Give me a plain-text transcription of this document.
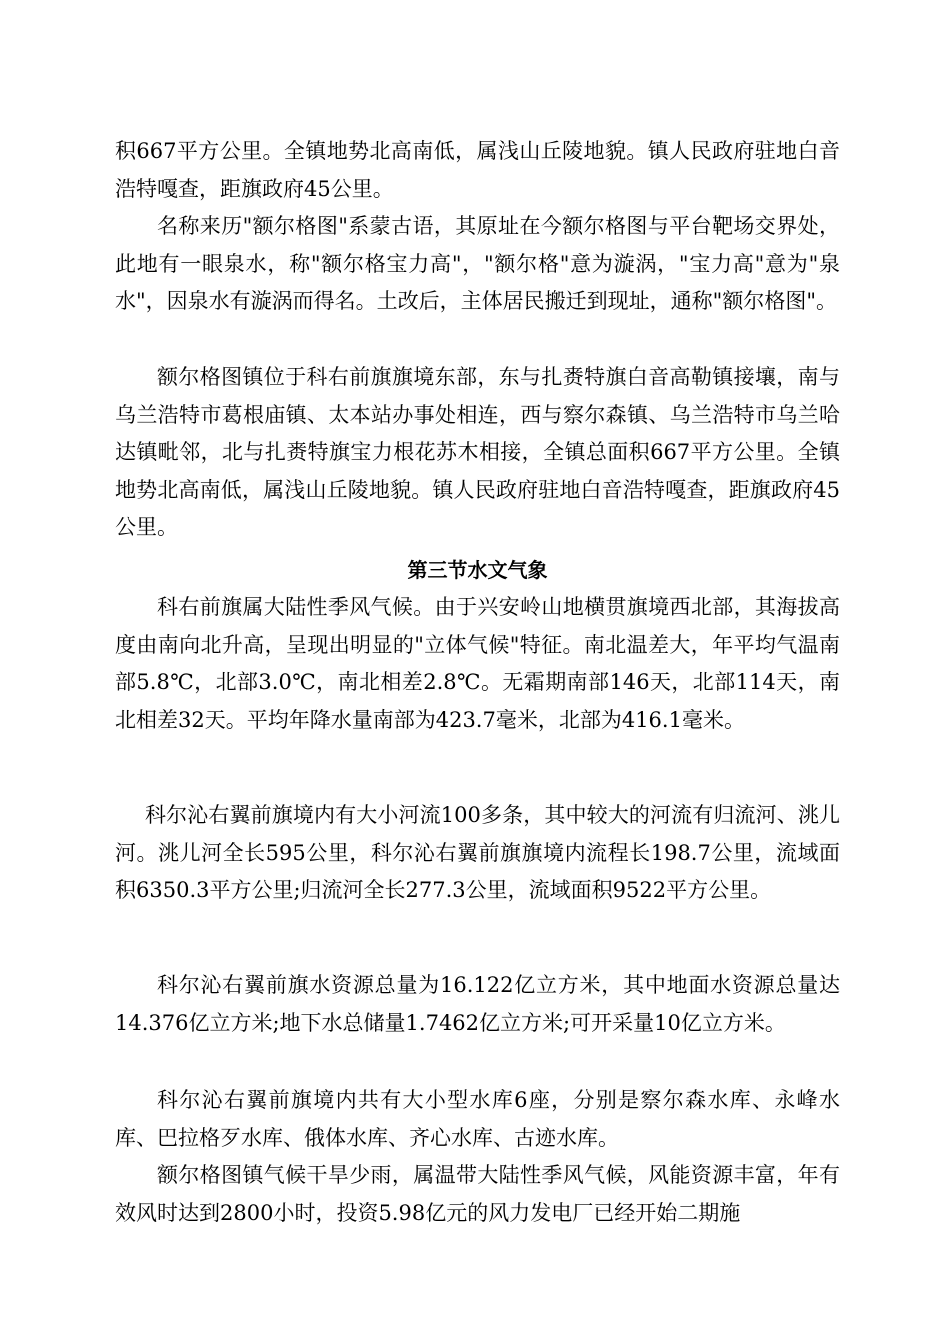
积667平方公里。全镇地势北高南低，属浅山丘陵地貌。镇人民政府驻地白音浩特嘎查，距旗政府45公里。

名称来历"额尔格图"系蒙古语，其原址在今额尔格图与平台靶场交界处，此地有一眼泉水，称"额尔格宝力高"，"额尔格"意为漩涡，"宝力高"意为"泉水"，因泉水有漩涡而得名。土改后，主体居民搬迁到现址，通称"额尔格图"。

额尔格图镇位于科右前旗旗境东部，东与扎赉特旗白音高勒镇接壤，南与乌兰浩特市葛根庙镇、太本站办事处相连，西与察尔森镇、乌兰浩特市乌兰哈达镇毗邻，北与扎赉特旗宝力根花苏木相接，全镇总面积667平方公里。全镇地势北高南低，属浅山丘陵地貌。镇人民政府驻地白音浩特嘎查，距旗政府45公里。

第三节水文气象

科右前旗属大陆性季风气候。由于兴安岭山地横贯旗境西北部，其海拔高度由南向北升高，呈现出明显的"立体气候"特征。南北温差大，年平均气温南部5.8℃，北部3.0℃，南北相差2.8℃。无霜期南部146天，北部114天，南北相差32天。平均年降水量南部为423.7毫米，北部为416.1毫米。

科尔沁右翼前旗境内有大小河流100多条，其中较大的河流有归流河、洮儿河。洮儿河全长595公里，科尔沁右翼前旗旗境内流程长198.7公里，流域面积6350.3平方公里;归流河全长277.3公里，流域面积9522平方公里。

科尔沁右翼前旗水资源总量为16.122亿立方米，其中地面水资源总量达14.376亿立方米;地下水总储量1.7462亿立方米;可开采量10亿立方米。

科尔沁右翼前旗境内共有大小型水库6座，分别是察尔森水库、永峰水库、巴拉格歹水库、俄体水库、齐心水库、古迹水库。

额尔格图镇气候干旱少雨，属温带大陆性季风气候，风能资源丰富，年有效风时达到2800小时，投资5.98亿元的风力发电厂已经开始二期施
